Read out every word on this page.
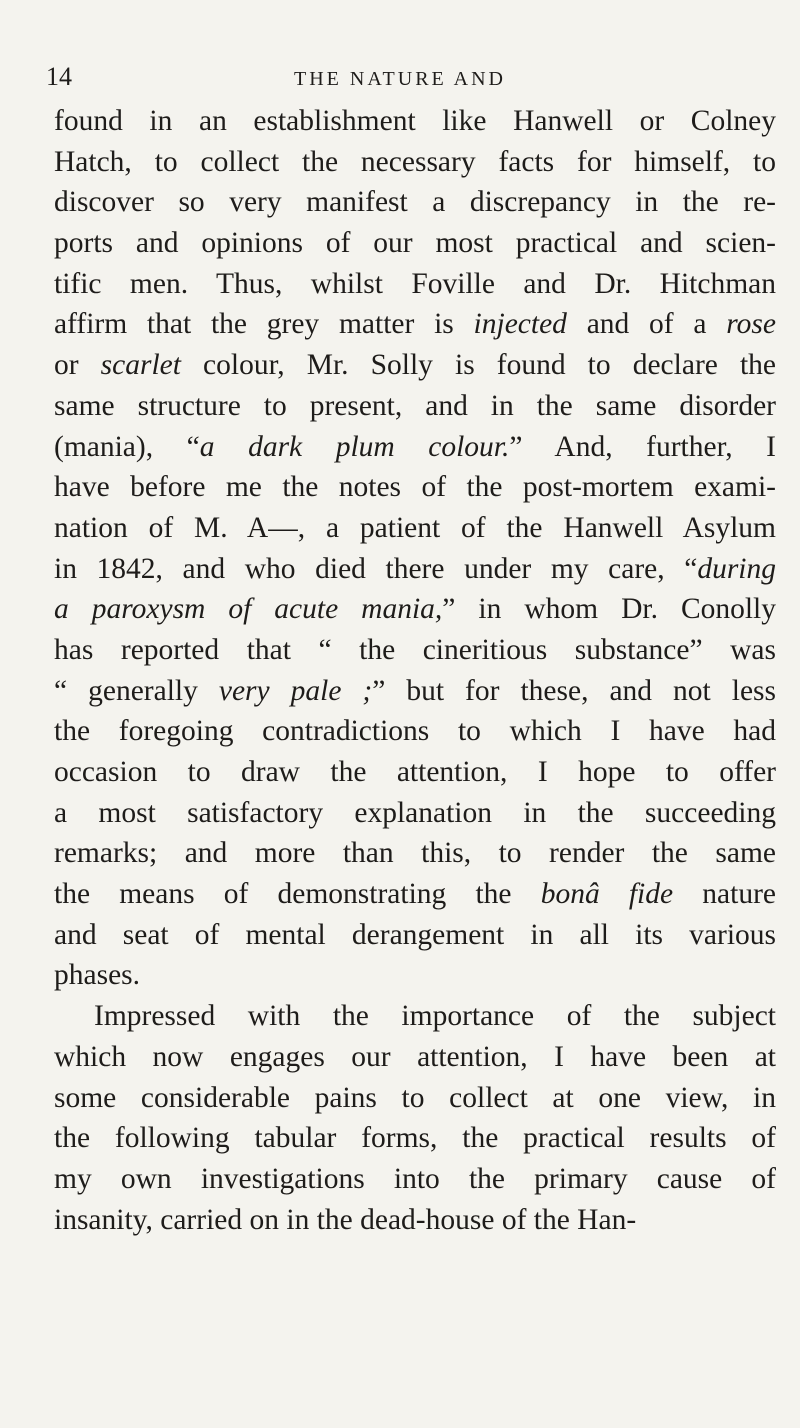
14	THE NATURE AND
found in an establishment like Hanwell or Colney
Hatch, to collect the necessary facts for himself, to
discover so very manifest a discrepancy in the re-
ports and opinions of our most practical and scien-
tific men. Thus, whilst Foville and Dr. Hitchman
affirm that the grey matter is injected and of a rose
or scarlet colour, Mr. Solly is found to declare the
same structure to present, and in the same disorder
(mania), “a dark plum colour.” And, further, I
have before me the notes of the post-mortem exami-
nation of M. A—, a patient of the Hanwell Asylum
in 1842, and who died there under my care, “during
a paroxysm of acute mania,” in whom Dr. Conolly
has reported that “ the cineritious substance” was
“ generally very pale ;” but for these, and not less
the foregoing contradictions to which I have had
occasion to draw the attention, I hope to offer
a most satisfactory explanation in the succeeding
remarks; and more than this, to render the same
the means of demonstrating the bonâ fide nature
and seat of mental derangement in all its various
phases.
Impressed with the importance of the subject
which now engages our attention, I have been at
some considerable pains to collect at one view, in
the following tabular forms, the practical results of
my own investigations into the primary cause of
insanity, carried on in the dead-house of the Han-
